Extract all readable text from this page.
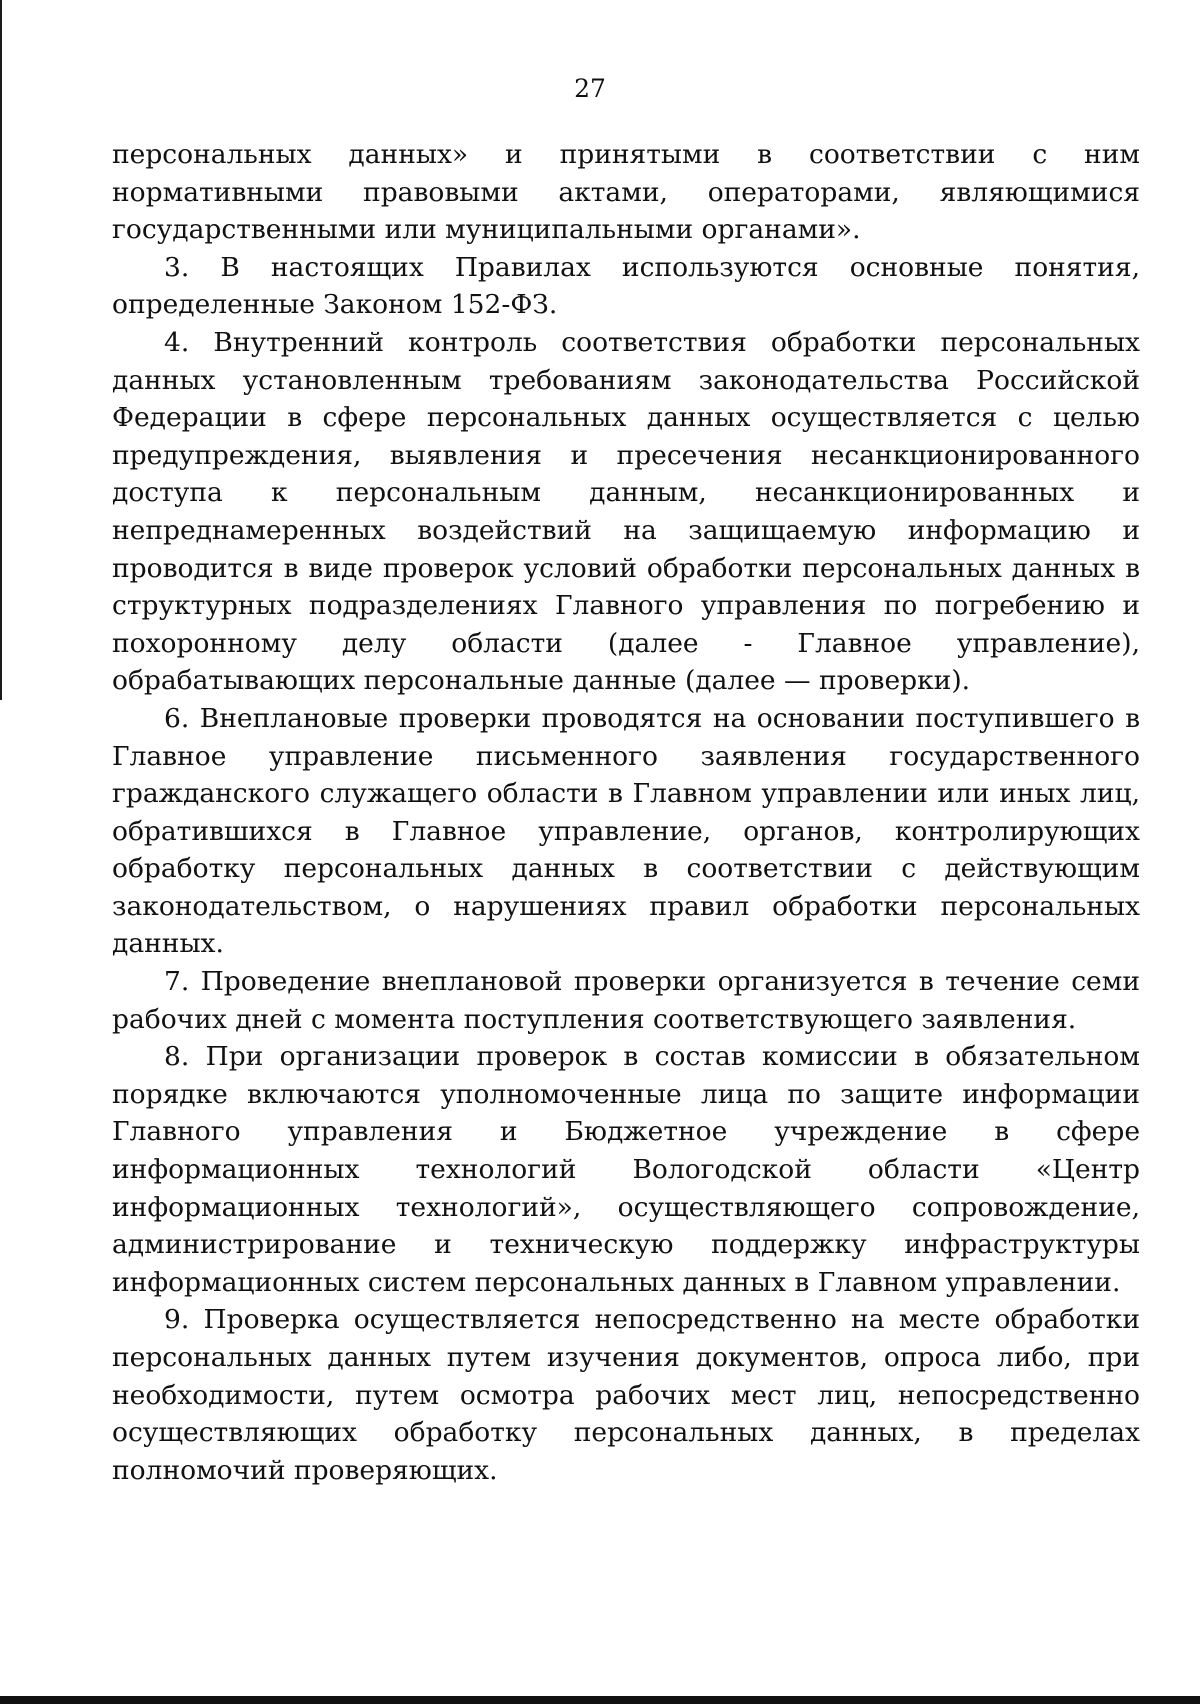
27

персональных данных» и принятыми в соответствии с ним нормативными правовыми актами, операторами, являющимися государственными или муниципальными органами».

3. В настоящих Правилах используются основные понятия, определенные Законом 152-ФЗ.

4. Внутренний контроль соответствия обработки персональных данных установленным требованиям законодательства Российской Федерации в сфере персональных данных осуществляется с целью предупреждения, выявления и пресечения несанкционированного доступа к персональным данным, несанкционированных и непреднамеренных воздействий на защищаемую информацию и проводится в виде проверок условий обработки персональных данных в структурных подразделениях Главного управления по погребению и похоронному делу области (далее - Главное управление), обрабатывающих персональные данные (далее — проверки).

6. Внеплановые проверки проводятся на основании поступившего в Главное управление письменного заявления государственного гражданского служащего области в Главном управлении или иных лиц, обратившихся в Главное управление, органов, контролирующих обработку персональных данных в соответствии с действующим законодательством, о нарушениях правил обработки персональных данных.

7. Проведение внеплановой проверки организуется в течение семи рабочих дней с момента поступления соответствующего заявления.

8. При организации проверок в состав комиссии в обязательном порядке включаются уполномоченные лица по защите информации Главного управления и Бюджетное учреждение в сфере информационных технологий Вологодской области «Центр информационных технологий», осуществляющего сопровождение, администрирование и техническую поддержку инфраструктуры информационных систем персональных данных в Главном управлении.

9. Проверка осуществляется непосредственно на месте обработки персональных данных путем изучения документов, опроса либо, при необходимости, путем осмотра рабочих мест лиц, непосредственно осуществляющих обработку персональных данных, в пределах полномочий проверяющих.
